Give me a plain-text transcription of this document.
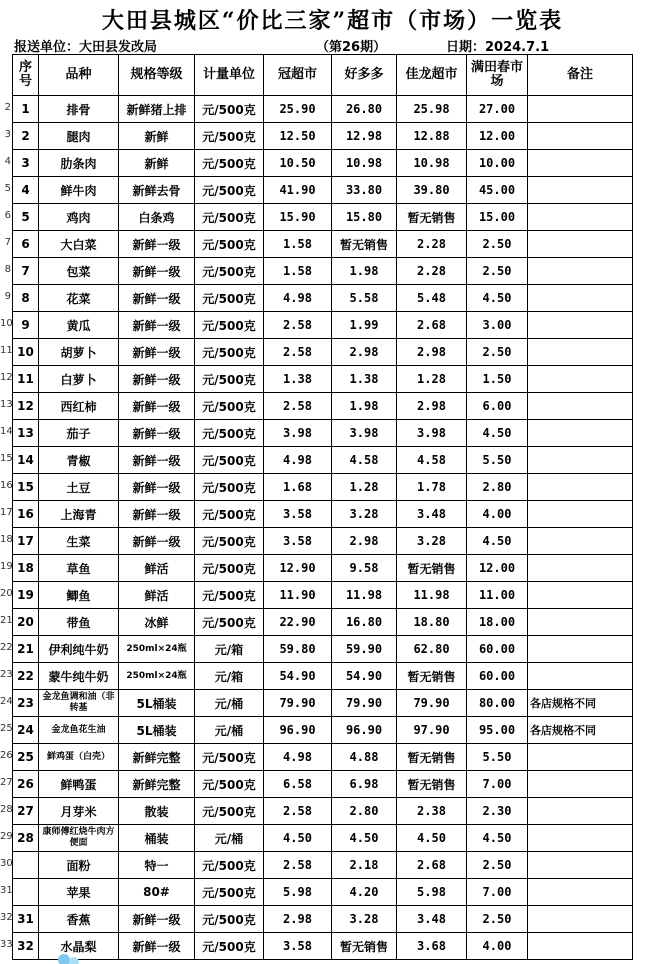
大田县城区“价比三家”超市（市场）一览表
报送单位：大田县发改局	（第26期）	日期：2024.7.1
2
3
4
5
6
7
8
9
10
11
12
13
14
15
16
17
18
19
20
21
22
23
24
25
26
27
28
29
30
31
32
33
序号	品种	规格等级	计量单位	冠超市	好多多	佳龙超市	满田春市场	备注
1	排骨	新鲜猪上排	元/500克	25.90	26.80	25.98	27.00	
2	腿肉	新鲜	元/500克	12.50	12.98	12.88	12.00	
3	肋条肉	新鲜	元/500克	10.50	10.98	10.98	10.00	
4	鲜牛肉	新鲜去骨	元/500克	41.90	33.80	39.80	45.00	
5	鸡肉	白条鸡	元/500克	15.90	15.80	暂无销售	15.00	
6	大白菜	新鲜一级	元/500克	1.58	暂无销售	2.28	2.50	
7	包菜	新鲜一级	元/500克	1.58	1.98	2.28	2.50	
8	花菜	新鲜一级	元/500克	4.98	5.58	5.48	4.50	
9	黄瓜	新鲜一级	元/500克	2.58	1.99	2.68	3.00	
10	胡萝卜	新鲜一级	元/500克	2.58	2.98	2.98	2.50	
11	白萝卜	新鲜一级	元/500克	1.38	1.38	1.28	1.50	
12	西红柿	新鲜一级	元/500克	2.58	1.98	2.98	6.00	
13	茄子	新鲜一级	元/500克	3.98	3.98	3.98	4.50	
14	青椒	新鲜一级	元/500克	4.98	4.58	4.58	5.50	
15	土豆	新鲜一级	元/500克	1.68	1.28	1.78	2.80	
16	上海青	新鲜一级	元/500克	3.58	3.28	3.48	4.00	
17	生菜	新鲜一级	元/500克	3.58	2.98	3.28	4.50	
18	草鱼	鲜活	元/500克	12.90	9.58	暂无销售	12.00	
19	鲫鱼	鲜活	元/500克	11.90	11.98	11.98	11.00	
20	带鱼	冰鲜	元/500克	22.90	16.80	18.80	18.00	
21	伊利纯牛奶	250ml×24瓶	元/箱	59.80	59.90	62.80	60.00	
22	蒙牛纯牛奶	250ml×24瓶	元/箱	54.90	54.90	暂无销售	60.00	
23	金龙鱼调和油（非转基	5L桶装	元/桶	79.90	79.90	79.90	80.00	各店规格不同
24	金龙鱼花生油	5L桶装	元/桶	96.90	96.90	97.90	95.00	各店规格不同
25	鲜鸡蛋（白壳）	新鲜完整	元/500克	4.98	4.88	暂无销售	5.50	
26	鲜鸭蛋	新鲜完整	元/500克	6.58	6.98	暂无销售	7.00	
27	月芽米	散装	元/500克	2.58	2.80	2.38	2.30	
28	康师傅红烧牛肉方便面	桶装	元/桶	4.50	4.50	4.50	4.50	
	面粉	特一	元/500克	2.58	2.18	2.68	2.50	
	苹果	80#	元/500克	5.98	4.20	5.98	7.00	
31	香蕉	新鲜一级	元/500克	2.98	3.28	3.48	2.50	
32	水晶梨	新鲜一级	元/500克	3.58	暂无销售	3.68	4.00	
